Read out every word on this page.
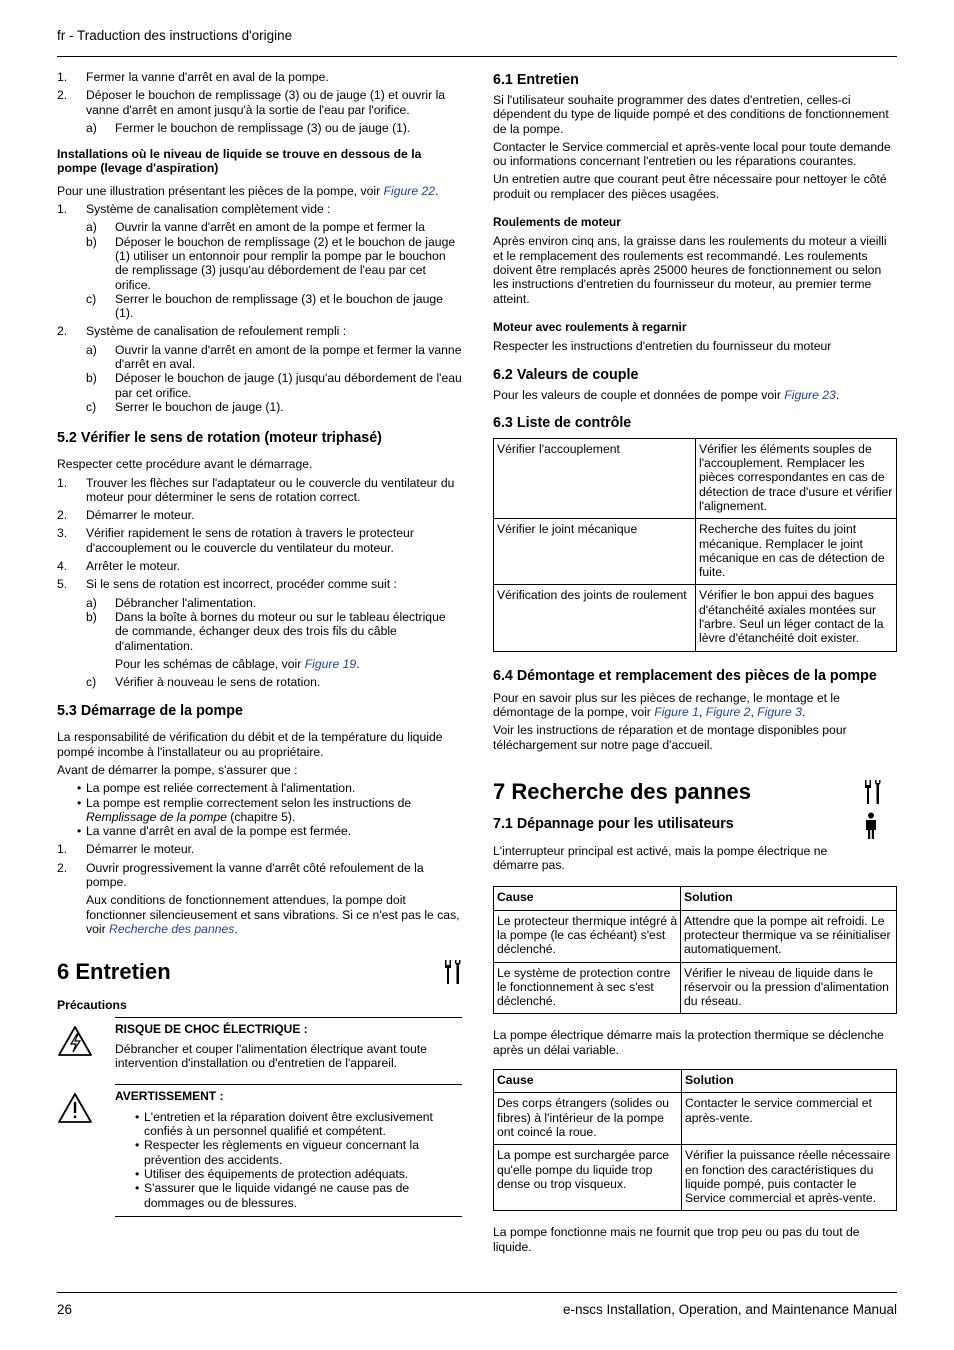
fr - Traduction des instructions d'origine
1.	Fermer la vanne d'arrêt en aval de la pompe.
2.	Déposer le bouchon de remplissage (3) ou de jauge (1) et ouvrir la vanne d'arrêt en amont jusqu'à la sortie de l'eau par l'orifice.
a)	Fermer le bouchon de remplissage (3) ou de jauge (1).

Installations où le niveau de liquide se trouve en dessous de la pompe (levage d'aspiration)

Pour une illustration présentant les pièces de la pompe, voir Figure 22.

1.	Système de canalisation complètement vide :
a)	Ouvrir la vanne d'arrêt en amont de la pompe et fermer la
b)	Déposer le bouchon de remplissage (2) et le bouchon de jauge (1) utiliser un entonnoir pour remplir la pompe par le bouchon de remplissage (3) jusqu'au débordement de l'eau par cet orifice.
c)	Serrer le bouchon de remplissage (3) et le bouchon de jauge (1).
2.	Système de canalisation de refoulement rempli :
a)	Ouvrir la vanne d'arrêt en amont de la pompe et fermer la vanne d'arrêt en aval.
b)	Déposer le bouchon de jauge (1) jusqu'au débordement de l'eau par cet orifice.
c)	Serrer le bouchon de jauge (1).
5.2 Vérifier le sens de rotation (moteur triphasé)

Respecter cette procédure avant le démarrage.

1.	Trouver les flèches sur l'adaptateur ou le couvercle du ventilateur du moteur pour déterminer le sens de rotation correct.
2.	Démarrer le moteur.
3.	Vérifier rapidement le sens de rotation à travers le protecteur d'accouplement ou le couvercle du ventilateur du moteur.
4.	Arrêter le moteur.
5.	Si le sens de rotation est incorrect, procéder comme suit :
a)	Débrancher l'alimentation.
b)	Dans la boîte à bornes du moteur ou sur le tableau électrique de commande, échanger deux des trois fils du câble d'alimentation.
Pour les schémas de câblage, voir Figure 19.
c)	Vérifier à nouveau le sens de rotation.
5.3 Démarrage de la pompe

La responsabilité de vérification du débit et de la température du liquide pompé incombe à l'installateur ou au propriétaire.

Avant de démarrer la pompe, s'assurer que :

• La pompe est reliée correctement à l'alimentation.
• La pompe est remplie correctement selon les instructions de Remplissage de la pompe (chapitre 5).
• La vanne d'arrêt en aval de la pompe est fermée.
1.	Démarrer le moteur.
2.	Ouvrir progressivement la vanne d'arrêt côté refoulement de la pompe.
Aux conditions de fonctionnement attendues, la pompe doit fonctionner silencieusement et sans vibrations. Si ce n'est pas le cas, voir Recherche des pannes.
6 Entretien

Précautions

RISQUE DE CHOC ÉLECTRIQUE :

Débrancher et couper l'alimentation électrique avant toute intervention d'installation ou d'entretien de l'appareil.

AVERTISSEMENT :
• L'entretien et la réparation doivent être exclusivement confiés à un personnel qualifié et compétent.
• Respecter les règlements en vigueur concernant la prévention des accidents.
• Utiliser des équipements de protection adéquats.
• S'assurer que le liquide vidangé ne cause pas de dommages ou de blessures.
6.1 Entretien

Si l'utilisateur souhaite programmer des dates d'entretien, celles-ci dépendent du type de liquide pompé et des conditions de fonctionnement de la pompe.

Contacter le Service commercial et après-vente local pour toute demande ou informations concernant l'entretien ou les réparations courantes.

Un entretien autre que courant peut être nécessaire pour nettoyer le côté produit ou remplacer des pièces usagées.

Roulements de moteur

Après environ cinq ans, la graisse dans les roulements du moteur a vieilli et le remplacement des roulements est recommandé. Les roulements doivent être remplacés après 25000 heures de fonctionnement ou selon les instructions d'entretien du fournisseur du moteur, au premier terme atteint.

Moteur avec roulements à regarnir

Respecter les instructions d'entretien du fournisseur du moteur

6.2 Valeurs de couple

Pour les valeurs de couple et données de pompe voir Figure 23.

6.3 Liste de contrôle
Vérifier l'accouplement	Vérifier les éléments souples de l'accouplement. Remplacer les pièces correspondantes en cas de détection de trace d'usure et vérifier l'alignement.
Vérifier le joint mécanique	Recherche des fuites du joint mécanique. Remplacer le joint mécanique en cas de détection de fuite.
Vérification des joints de roulement	Vérifier le bon appui des bagues d'étanchéité axiales montées sur l'arbre. Seul un léger contact de la lèvre d'étanchéité doit exister.
6.4 Démontage et remplacement des pièces de la pompe

Pour en savoir plus sur les pièces de rechange, le montage et le démontage de la pompe, voir Figure 1, Figure 2, Figure 3.

Voir les instructions de réparation et de montage disponibles pour téléchargement sur notre page d'accueil.

7 Recherche des pannes
7.1 Dépannage pour les utilisateurs

L'interrupteur principal est activé, mais la pompe électrique ne démarre pas.

Cause	Solution
Le protecteur thermique intégré à la pompe (le cas échéant) s'est déclenché.	Attendre que la pompe ait refroidi. Le protecteur thermique va se réinitialiser automatiquement.
Le système de protection contre le fonctionnement à sec s'est déclenché.	Vérifier le niveau de liquide dans le réservoir ou la pression d'alimentation du réseau.

La pompe électrique démarre mais la protection thermique se déclenche après un délai variable.

Cause	Solution
Des corps étrangers (solides ou fibres) à l'intérieur de la pompe ont coincé la roue.	Contacter le service commercial et après-vente.
La pompe est surchargée parce qu'elle pompe du liquide trop dense ou trop visqueux.	Vérifier la puissance réelle nécessaire en fonction des caractéristiques du liquide pompé, puis contacter le Service commercial et après-vente.

La pompe fonctionne mais ne fournit que trop peu ou pas du tout de liquide.

26	e-nscs Installation, Operation, and Maintenance Manual
